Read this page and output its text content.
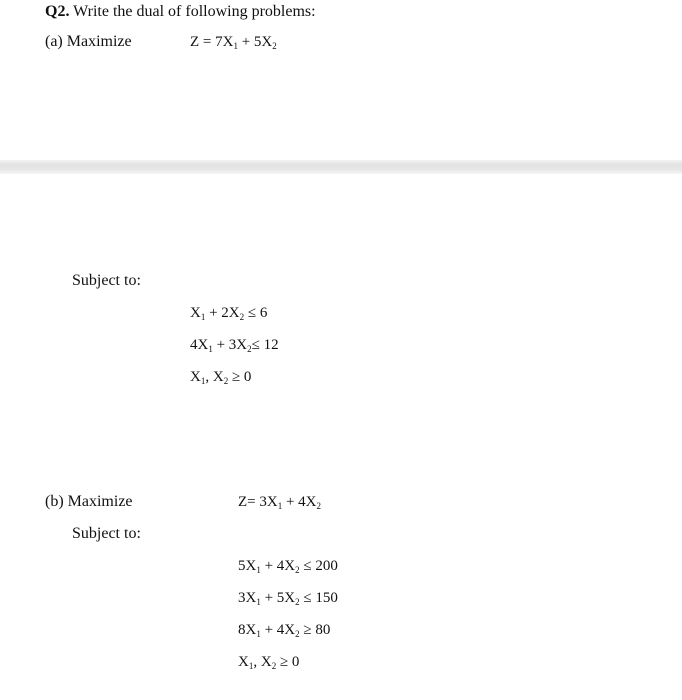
Q2. Write the dual of following problems:
(a) Maximize	$Z = 7X_1 + 5X_2$
Subject to:
$X_1 + 2X_2 \le 6$
$4X_1 + 3X_2\le 12$
$X_1$, $X_2 \ge 0$
(b) Maximize	$Z= 3X_1 + 4X_2$
Subject to:
$5X_1 + 4X_2 \le 200$
$3X_1 + 5X_2 \le 150$
$8X_1 + 4X_2 \ge 80$
$X_1$, $X_2 \ge 0$
